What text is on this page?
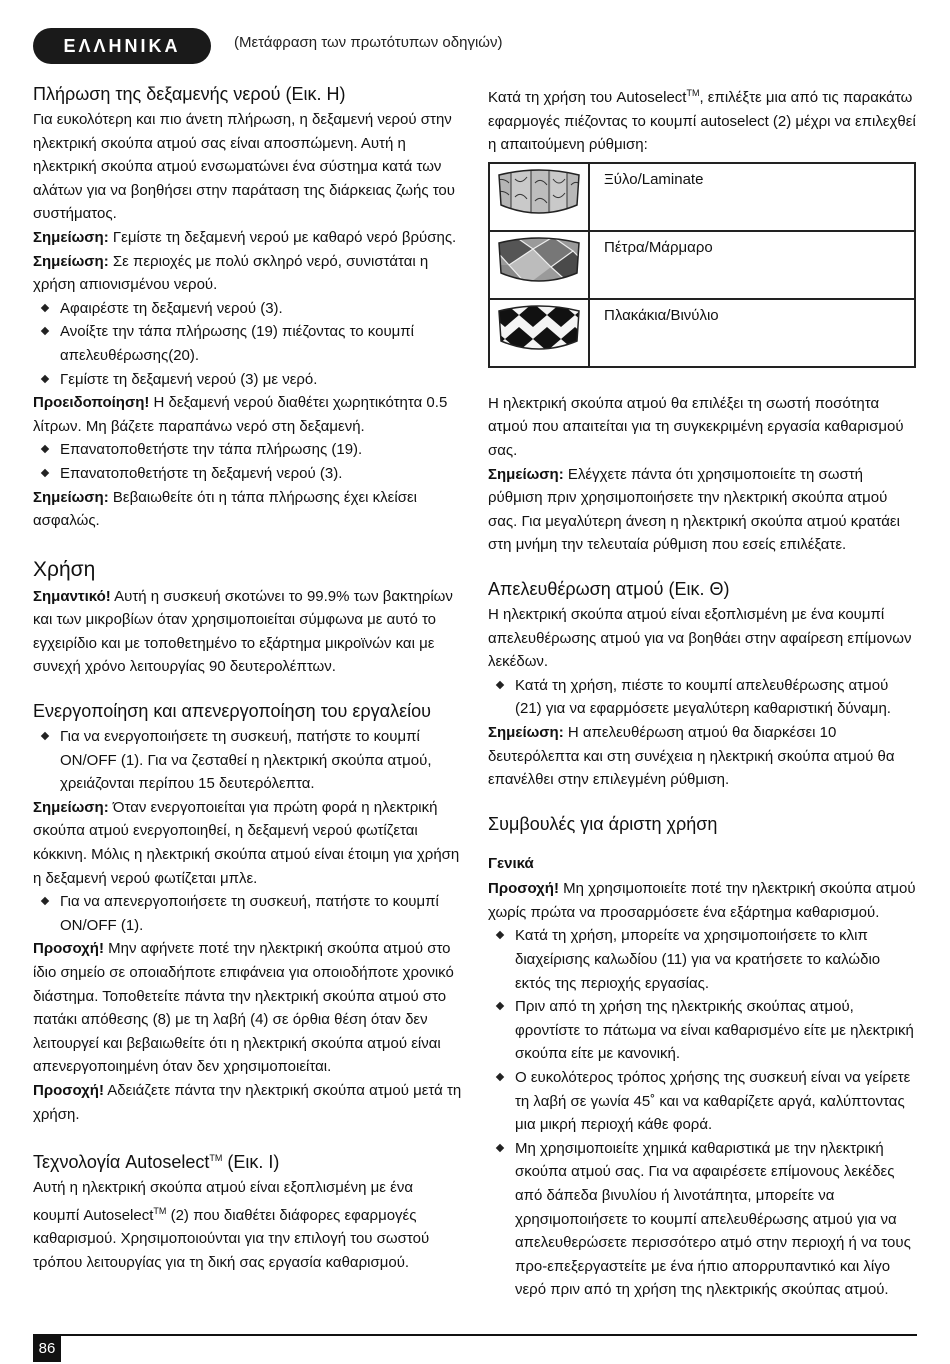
ΕΛΛΗΝΙΚΑ	(Μετάφραση των πρωτότυπων οδηγιών)
Πλήρωση της δεξαμενής νερού (Εικ. Η)

Για ευκολότερη και πιο άνετη πλήρωση, η δεξαμενή νερού στην ηλεκτρική σκούπα ατμού σας είναι αποσπώμενη. Αυτή η ηλεκτρική σκούπα ατμού ενσωματώνει ένα σύστημα κατά των αλάτων για να βοηθήσει στην παράταση της διάρκειας ζωής του συστήματος.

Σημείωση: Γεμίστε τη δεξαμενή νερού με καθαρό νερό βρύσης.

Σημείωση: Σε περιοχές με πολύ σκληρό νερό, συνιστάται η χρήση απιονισμένου νερού.

Αφαιρέστε τη δεξαμενή νερού (3).
Ανοίξτε την τάπα πλήρωσης (19) πιέζοντας το κουμπί απελευθέρωσης(20).
Γεμίστε τη δεξαμενή νερού (3) με νερό.

Προειδοποίηση! Η δεξαμενή νερού διαθέτει χωρητικότητα 0.5 λίτρων. Μη βάζετε παραπάνω νερό στη δεξαμενή.

Επανατοποθετήστε την τάπα πλήρωσης (19).
Επανατοποθετήστε τη δεξαμενή νερού (3).

Σημείωση: Βεβαιωθείτε ότι η τάπα πλήρωσης έχει κλείσει ασφαλώς.

Χρήση

Σημαντικό! Αυτή η συσκευή σκοτώνει το 99.9% των βακτηρίων και των μικροβίων όταν χρησιμοποιείται σύμφωνα με αυτό το εγχειρίδιο και με τοποθετημένο το εξάρτημα μικροϊνών και με συνεχή χρόνο λειτουργίας 90 δευτερολέπτων.

Ενεργοποίηση και απενεργοποίηση του εργαλείου
Για να ενεργοποιήσετε τη συσκευή, πατήστε το κουμπί ON/OFF (1). Για να ζεσταθεί η ηλεκτρική σκούπα ατμού, χρειάζονται περίπου 15 δευτερόλεπτα.

Σημείωση: Όταν ενεργοποιείται για πρώτη φορά η ηλεκτρική σκούπα ατμού ενεργοποιηθεί, η δεξαμενή νερού φωτίζεται κόκκινη. Μόλις η ηλεκτρική σκούπα ατμού είναι έτοιμη για χρήση η δεξαμενή νερού φωτίζεται μπλε.

Για να απενεργοποιήσετε τη συσκευή, πατήστε το κουμπί ON/OFF (1).

Προσοχή! Μην αφήνετε ποτέ την ηλεκτρική σκούπα ατμού στο ίδιο σημείο σε οποιαδήποτε επιφάνεια για οποιοδήποτε χρονικό διάστημα. Τοποθετείτε πάντα την ηλεκτρική σκούπα ατμού στο πατάκι απόθεσης (8) με τη λαβή (4) σε όρθια θέση όταν δεν λειτουργεί και βεβαιωθείτε ότι η ηλεκτρική σκούπα ατμού είναι απενεργοποιημένη όταν δεν χρησιμοποιείται.

Προσοχή! Αδειάζετε πάντα την ηλεκτρική σκούπα ατμού μετά τη χρήση.

Τεχνολογία Autoselect™ (Εικ. I)

Αυτή η ηλεκτρική σκούπα ατμού είναι εξοπλισμένη με ένα κουμπί Autoselect™ (2) που διαθέτει διάφορες εφαρμογές καθαρισμού. Χρησιμοποιούνται για την επιλογή του σωστού τρόπου λειτουργίας για τη δική σας εργασία καθαρισμού.

Κατά τη χρήση του Autoselect™, επιλέξτε μια από τις παρακάτω εφαρμογές πιέζοντας το κουμπί autoselect (2) μέχρι να επιλεχθεί η απαιτούμενη ρύθμιση:

	Ξύλο/Laminate
	Πέτρα/Μάρμαρο
	Πλακάκια/Βινύλιο

Η ηλεκτρική σκούπα ατμού θα επιλέξει τη σωστή ποσότητα ατμού που απαιτείται για τη συγκεκριμένη εργασία καθαρισμού σας.

Σημείωση: Ελέγχετε πάντα ότι χρησιμοποιείτε τη σωστή ρύθμιση πριν χρησιμοποιήσετε την ηλεκτρική σκούπα ατμού σας. Για μεγαλύτερη άνεση η ηλεκτρική σκούπα ατμού κρατάει στη μνήμη την τελευταία ρύθμιση που εσείς επιλέξατε.

Απελευθέρωση ατμού (Εικ. Θ)

Η ηλεκτρική σκούπα ατμού είναι εξοπλισμένη με ένα κουμπί απελευθέρωσης ατμού για να βοηθάει στην αφαίρεση επίμονων λεκέδων.

Κατά τη χρήση, πιέστε το κουμπί απελευθέρωσης ατμού (21) για να εφαρμόσετε μεγαλύτερη καθαριστική δύναμη.

Σημείωση: Η απελευθέρωση ατμού θα διαρκέσει 10 δευτερόλεπτα και στη συνέχεια η ηλεκτρική σκούπα ατμού θα επανέλθει στην επιλεγμένη ρύθμιση.

Συμβουλές για άριστη χρήση
Γενικά

Προσοχή! Μη χρησιμοποιείτε ποτέ την ηλεκτρική σκούπα ατμού χωρίς πρώτα να προσαρμόσετε ένα εξάρτημα καθαρισμού.

Κατά τη χρήση, μπορείτε να χρησιμοποιήσετε το κλιπ διαχείρισης καλωδίου (11) για να κρατήσετε το καλώδιο εκτός της περιοχής εργασίας.
Πριν από τη χρήση της ηλεκτρικής σκούπας ατμού, φροντίστε το πάτωμα να είναι καθαρισμένο είτε με ηλεκτρική σκούπα είτε με κανονική.
Ο ευκολότερος τρόπος χρήσης της συσκευή είναι να γείρετε τη λαβή σε γωνία 45˚ και να καθαρίζετε αργά, καλύπτοντας μια μικρή περιοχή κάθε φορά.
Μη χρησιμοποιείτε χημικά καθαριστικά με την ηλεκτρική σκούπα ατμού σας. Για να αφαιρέσετε επίμονους λεκέδες από δάπεδα βινυλίου ή λινοτάπητα, μπορείτε να χρησιμοποιήσετε το κουμπί απελευθέρωσης ατμού για να απελευθερώσετε περισσότερο ατμό στην περιοχή ή να τους προ-επεξεργαστείτε με ένα ήπιο απορρυπαντικό και λίγο νερό πριν από τη χρήση της ηλεκτρικής σκούπας ατμού.
86
